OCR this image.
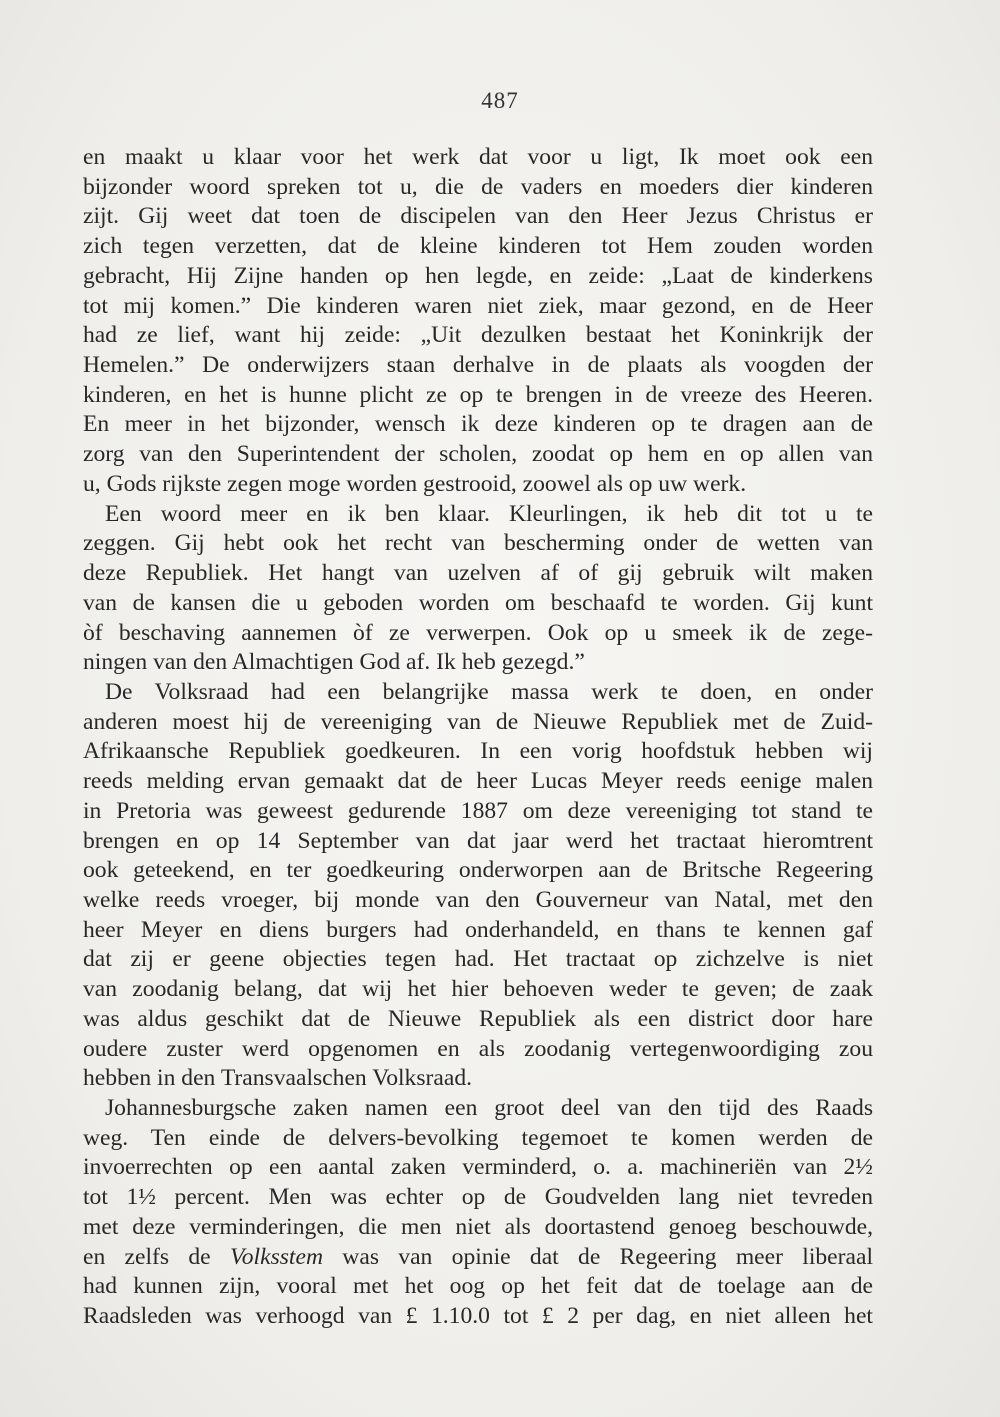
487
en maakt u klaar voor het werk dat voor u ligt, Ik moet ook een
bijzonder woord spreken tot u, die de vaders en moeders dier kinderen
zijt. Gij weet dat toen de discipelen van den Heer Jezus Christus er
zich tegen verzetten, dat de kleine kinderen tot Hem zouden worden
gebracht, Hij Zijne handen op hen legde, en zeide: „Laat de kinderkens
tot mij komen.” Die kinderen waren niet ziek, maar gezond, en de Heer
had ze lief, want hij zeide: „Uit dezulken bestaat het Koninkrijk der
Hemelen.” De onderwijzers staan derhalve in de plaats als voogden der
kinderen, en het is hunne plicht ze op te brengen in de vreeze des Heeren.
En meer in het bijzonder, wensch ik deze kinderen op te dragen aan de
zorg van den Superintendent der scholen, zoodat op hem en op allen van
u, Gods rijkste zegen moge worden gestrooid, zoowel als op uw werk.
Een woord meer en ik ben klaar. Kleurlingen, ik heb dit tot u te
zeggen. Gij hebt ook het recht van bescherming onder de wetten van
deze Republiek. Het hangt van uzelven af of gij gebruik wilt maken
van de kansen die u geboden worden om beschaafd te worden. Gij kunt
òf beschaving aannemen òf ze verwerpen. Ook op u smeek ik de zege-
ningen van den Almachtigen God af. Ik heb gezegd.”
De Volksraad had een belangrijke massa werk te doen, en onder
anderen moest hij de vereeniging van de Nieuwe Republiek met de Zuid-
Afrikaansche Republiek goedkeuren. In een vorig hoofdstuk hebben wij
reeds melding ervan gemaakt dat de heer Lucas Meyer reeds eenige malen
in Pretoria was geweest gedurende 1887 om deze vereeniging tot stand te
brengen en op 14 September van dat jaar werd het tractaat hieromtrent
ook geteekend, en ter goedkeuring onderworpen aan de Britsche Regeering
welke reeds vroeger, bij monde van den Gouverneur van Natal, met den
heer Meyer en diens burgers had onderhandeld, en thans te kennen gaf
dat zij er geene objecties tegen had. Het tractaat op zichzelve is niet
van zoodanig belang, dat wij het hier behoeven weder te geven; de zaak
was aldus geschikt dat de Nieuwe Republiek als een district door hare
oudere zuster werd opgenomen en als zoodanig vertegenwoordiging zou
hebben in den Transvaalschen Volksraad.
Johannesburgsche zaken namen een groot deel van den tijd des Raads
weg. Ten einde de delvers-bevolking tegemoet te komen werden de
invoerrechten op een aantal zaken verminderd, o. a. machineriën van 2½
tot 1½ percent. Men was echter op de Goudvelden lang niet tevreden
met deze verminderingen, die men niet als doortastend genoeg beschouwde,
en zelfs de Volksstem was van opinie dat de Regeering meer liberaal
had kunnen zijn, vooral met het oog op het feit dat de toelage aan de
Raadsleden was verhoogd van £ 1.10.0 tot £ 2 per dag, en niet alleen het
